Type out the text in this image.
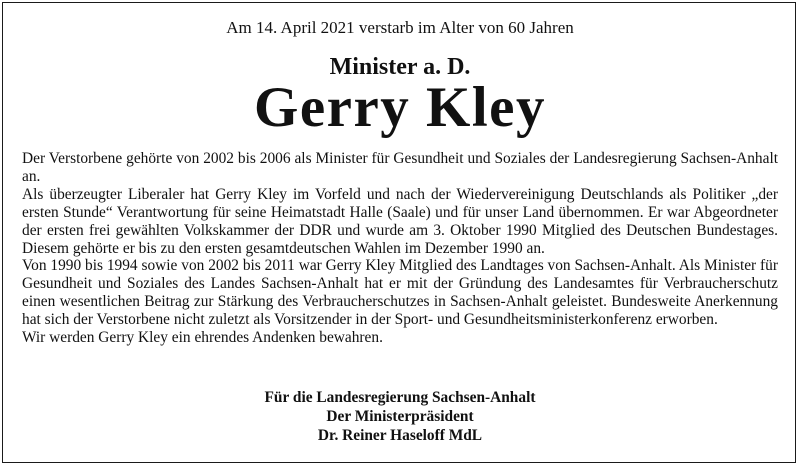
Am 14. April 2021 verstarb im Alter von 60 Jahren
Minister a. D.
Gerry Kley

Der Verstorbene gehörte von 2002 bis 2006 als Minister für Gesundheit und Soziales der Landesregierung Sachsen-Anhalt an.

Als überzeugter Liberaler hat Gerry Kley im Vorfeld und nach der Wiedervereinigung Deutschlands als Politiker „der ersten Stunde“ Verantwortung für seine Heimatstadt Halle (Saale) und für unser Land übernommen. Er war Abgeordneter der ersten frei gewählten Volkskammer der DDR und wurde am 3. Oktober 1990 Mitglied des Deutschen Bundestages. Diesem gehörte er bis zu den ersten gesamtdeutschen Wahlen im Dezember 1990 an.

Von 1990 bis 1994 sowie von 2002 bis 2011 war Gerry Kley Mitglied des Landtages von Sachsen-Anhalt. Als Minister für Gesundheit und Soziales des Landes Sachsen-Anhalt hat er mit der Gründung des Landesamtes für Verbraucherschutz einen wesentlichen Beitrag zur Stärkung des Verbraucherschutzes in Sachsen-Anhalt geleistet. Bundesweite Anerkennung hat sich der Verstorbene nicht zuletzt als Vorsitzender in der Sport- und Gesundheitsministerkonferenz erworben.

Wir werden Gerry Kley ein ehrendes Andenken bewahren.

Für die Landesregierung Sachsen-Anhalt
Der Ministerpräsident
Dr. Reiner Haseloff MdL
